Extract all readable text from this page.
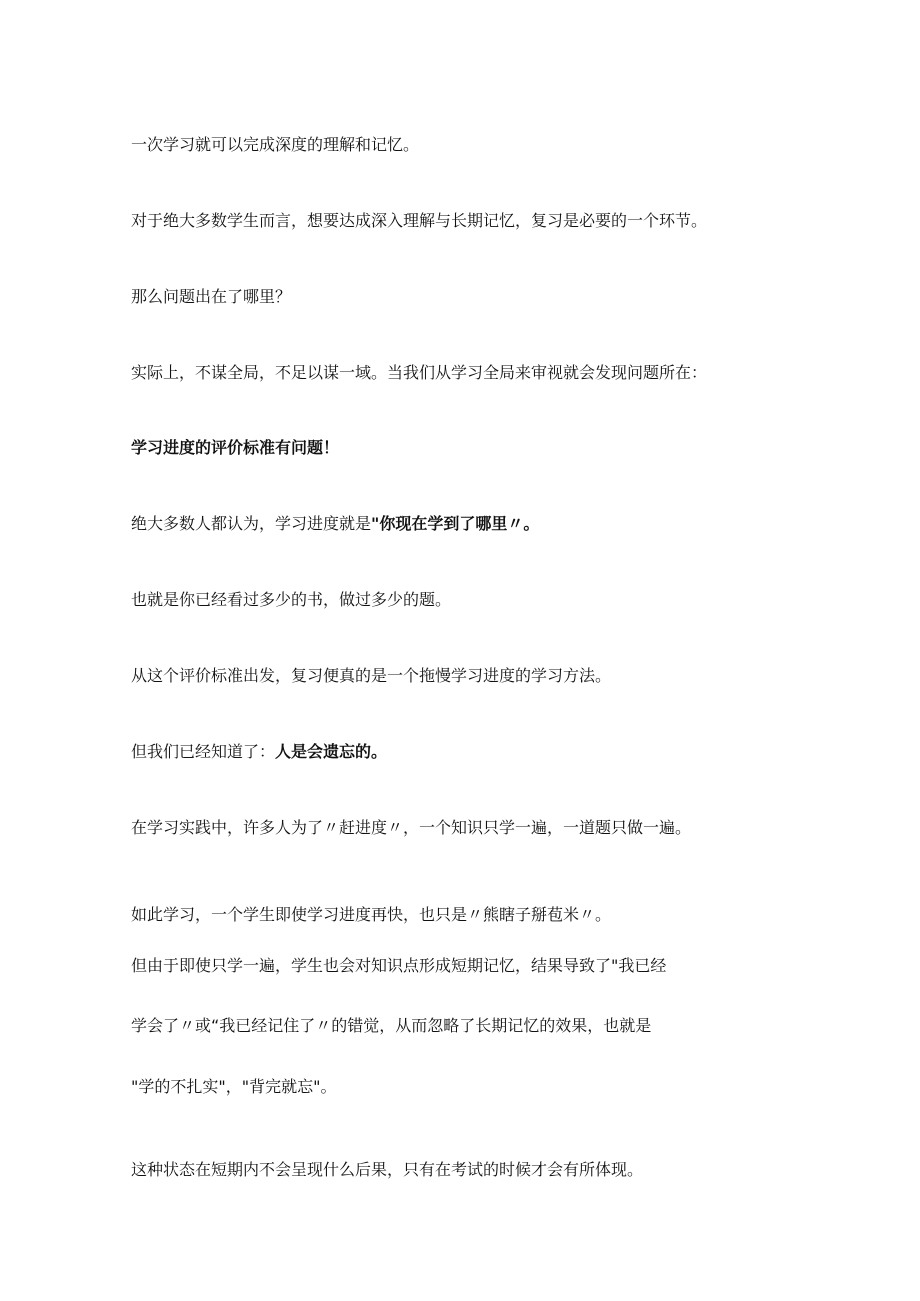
一次学习就可以完成深度的理解和记忆。
对于绝大多数学生而言，想要达成深入理解与长期记忆，复习是必要的一个环节。
那么问题出在了哪里？
实际上，不谋全局，不足以谋一域。当我们从学习全局来审视就会发现问题所在：
学习进度的评价标准有问题！
绝大多数人都认为，学习进度就是"你现在学到了哪里〃。
也就是你已经看过多少的书，做过多少的题。
从这个评价标准出发，复习便真的是一个拖慢学习进度的学习方法。
但我们已经知道了：人是会遗忘的。
在学习实践中，许多人为了〃赶进度〃，一个知识只学一遍，一道题只做一遍。
如此学习，一个学生即使学习进度再快，也只是〃熊瞎子掰苞米〃。
但由于即使只学一遍，学生也会对知识点形成短期记忆，结果导致了"我已经
学会了〃或“我已经记住了〃的错觉，从而忽略了长期记忆的效果，也就是
"学的不扎实"，"背完就忘"。
这种状态在短期内不会呈现什么后果，只有在考试的时候才会有所体现。
